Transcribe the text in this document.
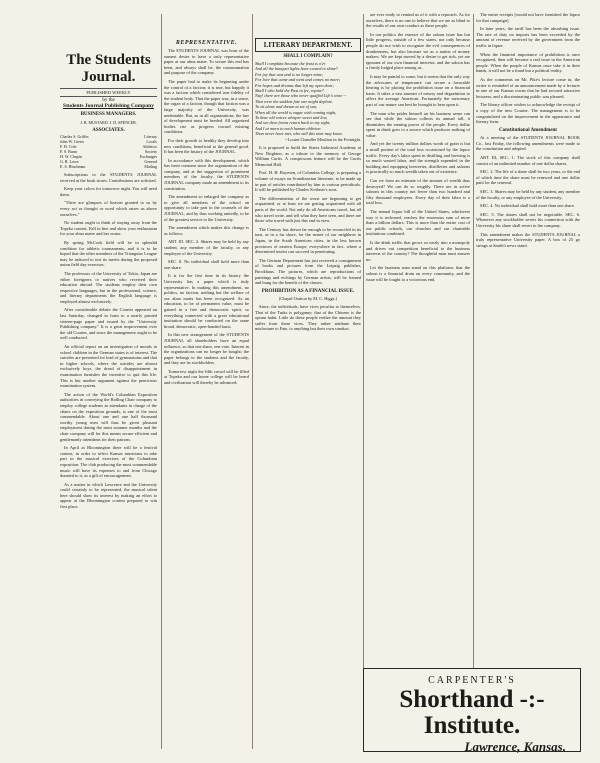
The Students Journal.
PUBLISHED WEEKLY
by the
Students Journal Publishing Company
BUSINESS MANAGERS.
J. B. MUSTARD. J. D. SPENCER.
ASSOCIATES.
Charles S. Griffin	Literary
John W. Green	Locals
F. H. Cole	Athletics
F. S. Bunn	Society
H. W. Chapin	Exchanges
G. R. Lowe	General
E. S. Hinchman	Mailing

Subscriptions to the STUDENTS JOURNAL received at the book stores. Contributions are solicited.

Keep your colors for tomorrow night. You will need them.

"There are glimpses of heaven granted to us by every act or thought or word which raises us above ourselves."

No student ought to think of staying away from the Topeka contest. Fall in line and show your enthusiasm for your alma mater and her orator.

By spring McCook field will be in splendid condition for athletic tournaments, and it is to be hoped that the other members of the Triangular League may be induced to test its merits during the proposed union field day exercises.

The professors of the University of Tokio, Japan are either foreigners or natives who received their education abroad. The students employ their own respective languages, but in the professional, science, and literary departments the English language is employed almost exclusively.

After considerable debate the Courier appeared on last Saturday, changed in form to a nearly printed sixteen-page paper and issued by the "University Publishing company." It is a great improvement over the old Courier, and since the management ought to be well conducted.

An official report on an investigation of morals in school children in the German states is of interest. The suicides are presented for lead of gymnasiums and that in higher schools, where the suicides are almost exclusively boys, the dread of disappointment in examination furnishes the incentive to quit this life. This is but another argument against the pernicious examination system.

The action of the World's Columbian Exposition authorities in conveying the Rolling Chair company to employ college students as attendants in charge of the chairs on the exposition grounds, is one of the most commendable. About one and one half thousand worthy young men will thus be given pleasant employment during the most summer months and the chair company will for this means secure efficient and gentlemanly attendants for their patrons.

In April at Bloomington there will be a festival contest, in order to select Kansas musicians to take part in the musical exercises of the Columbian exposition. The club producing the most commendable music will have its expenses to and from Chicago donated to it, as a gift of encouragement.

As a matter in which Lawrence and the University could certainly to be represented, the musical talent here should show its interest by making an effort to appear at the Bloomington contest prepared to win first place.

REPRESENTATIVE.

The STUDENTS JOURNAL was born of the earnest desire to have a truly representative paper at our alma mater. To secure this end has been, and always shall be, the consummation and purpose of the company.

The paper had to make its beginning under the control of a faction; it is true, but happily it was a faction which considered true fidelity of the student body. That the paper was, in a sense, the organ of a faction, though that faction was a large majority of the University, was undeniable. But, as in all organizations, the law of development must be heeded. All organized bodies rise as progress toward existing conditions.

For their growth to healthy they develop into new conditions, beneficial to the general good. It has been the history of the JOURNAL.

In accordance with this development, which has been constant since the organization of the company, and at the suggestion of prominent members of the faculty, the STUDENTS JOURNAL company made an amendment to its constitution.

The amendment so enlarged the company as to give all members of the school an opportunity to take part in the counsels of the JOURNAL, and by thus working unitedly, to be of the greatest service to the University.

The amendment which makes this change is as follows:

ART. III. SEC. 2. Shares may be held by any student, any member of the faculty, or any employee of the University.

SEC. 8. No individual shall hold more than one share.

It is for the first time in its history the University has a paper which is truly representative. In making this amendment, no politics, no faction, nothing but the welfare of our alma mater has been recognized. As an education, to be of permanent value, must be gained in a free and democratic spirit, so everything connected with a great educational institution should be conducted on the same broad, democratic, open-handed basis.

In this new arrangement of the STUDENTS JOURNAL all shareholders have an equal influence, so that one share, one vote. Interest in the organizations can no longer be bought; the paper belongs to the students and the faculty, and they are its stockholders.

Tomorrow night the fifth crowd will be filled at Topeka and our home college will be heard and civilization will thereby be advanced.

LITERARY DEPARTMENT.
SHALL I COMPLAIN?
Shall I complain because the feast is o'er
And all the banquet lights have ceased to shine?
For joy that was and is no longer mine;
For love that came and went and comes no more;
For hopes and dreams that left my open door;
Shall I who hold the Past in fee, repine?
Nay! there are those who never quaffed Life's wine --
That were the saddest fate one might deplore.
To sit alone and dream at set of sun,
When all the world is vague with coming night,
To hear old voices whisper sweet and low,
And see dear forms return back to my sight;
And I at morn to each human oblivion
Than never have met, who still this time may know.
--Louise Chandler Moulton in the Fortnight.

It is proposed to build the States Industrial Academy at New Brighton, as a tribute to the memory of George William Curtis. A conspicuous feature will be the Curtis Memorial Hall.

Prof. H. H. Boyesen, of Columbia College, is preparing a volume of essays on Scandinavian literature, to be made up in part of articles contributed by him to various periodicals. It will be published by Charles Scribner's sons.

The differentiation of the worst are beginning to get acquainted, or at least we are getting acquainted with all parts of the world. Not only do all Americans travel, but all who travel write, and tell what they have seen, and there are those who travel with just this end in view.

The Century has drawn far enough to be reconciled in its turn, as in a far shore, for the nearer of our neighbors in Japan, in the South American cities, in the less known provinces of eastern Europe, everywhere in fact, where a determined tourist can succeed in penetrating.

The German Department has just received a consignment of books and pictures from the Leipzig publisher, Brockhaus. The pictures, which are reproductions of paintings and etchings by German artists, will be framed and hung for the benefit of the classes.

PROHIBITION AS A FINANCIAL ISSUE.
[Chapel Oration by M. C. Higgs.]

Since, the individuals, have vices peculiar to themselves. That of the Turks is polygamy; that of the Chinese is the opium habit. Little do these people realize the amount they suffer from these vices. They rather attribute their misfortune to Fate, to anything but their own conduct.

are ever ready to remind us of it with a reproach. As for ourselves, there is no one to believe that we are as blind to the results of our own conduct as these people.

In our politics the essence of the saloon issue has but little progress, outside of a few states, not only because people do not wish to recognize the evil consequences of drunkenness, but also because we as a nation of money makers. We are kept moved by a desire to get rich, yet are ignorant of our own financial interests, and the saloon has a firmly lodged place among us.

It may be painful to some, but it seems that the only way the advocates of temperance can secure a favorable hearing is by placing the prohibition issue on a financial basis. It takes a vast amount of misery and degradation to affect the average American. Fortunately the mercenary part of our nature can best be brought to bear upon it.

The man who prides himself on his business sense can see that while the saloon collects its annual toll, it diminishes the earning power of the people. Every dollar spent in drink goes to a source which produces nothing of value.

And yet the twenty million dollars worth of grain is but a small portion of the total loss occasioned by the liquor traffic. Every day's labor spent in distilling and brewing is so much wasted labor, and the strength expended in the building and equipping breweries, distilleries and saloons is practically so much wealth taken out of existence.

Can we form an estimate of the amount of wealth thus destroyed? We can do so roughly. There are in active saloons in this country not fewer than two hundred and fifty thousand employees. Every day of their labor is a total loss.

The annual liquor bill of the United States, whichever way it is reckoned, reaches the enormous sum of more than a billion dollars. This is more than the entire cost of our public schools, our churches and our charitable institutions combined.

Is the drink traffic that grows so easily into a monopoly and drives out competition beneficial to the business interests of the country? The thoughtful man must answer no.

Let the business man stand on this platform: that the saloon is a financial drain on every community, and the issue will be fought to a victorious end.

The entire receipts [would not have furnished the liquor for that campaign].

In later years, the tariff has been the absorbing issue. The rate of duty on imports has been exceeded by the amount of revenue received by the government from the traffic in liquor.

When the financial importance of prohibition is once recognized, then will become a real issue in the American people. When the people of Kansas once take it in their hands, it will not be a fraud but a political reality.

As the comments on Mr. Pike's lecture come in, the writer is reminded of an announcement made by a lecturer in one of our Kansas towns that he had secured attractive lecturers, and a discriminating public was pleased.

The library officer wishes to acknowledge the receipt of a copy of the new Courier. The management is to be congratulated on the improvement in the appearance and literary form.

Constitutional Amendment

At a meeting of the STUDENTS JOURNAL BOOK Co., last Friday, the following amendments were made to the constitution and adopted.

ART. III, SEC. 1. The stock of this company shall consist of an unlimited number of one dollar shares.

SEC. 2. The life of a share shall be two years, or the end of which time the share must be renewed and one dollar paid for the renewal.

SEC. 3. Shares may be held by any student, any member of the faculty, or any employee of the University.

SEC. 4. No individual shall hold more than one share.

SEC. 5. The shares shall not be negotiable. SEC. 6. Whenever any stockholder severs his connection with the University his share shall revert to the company.

This amendment makes the STUDENTS JOURNAL a truly representative University paper. A box of 25 go strings at Smith's news stand.

CARPENTER'S
Shorthand -:- Institute.
Lawrence, Kansas.
